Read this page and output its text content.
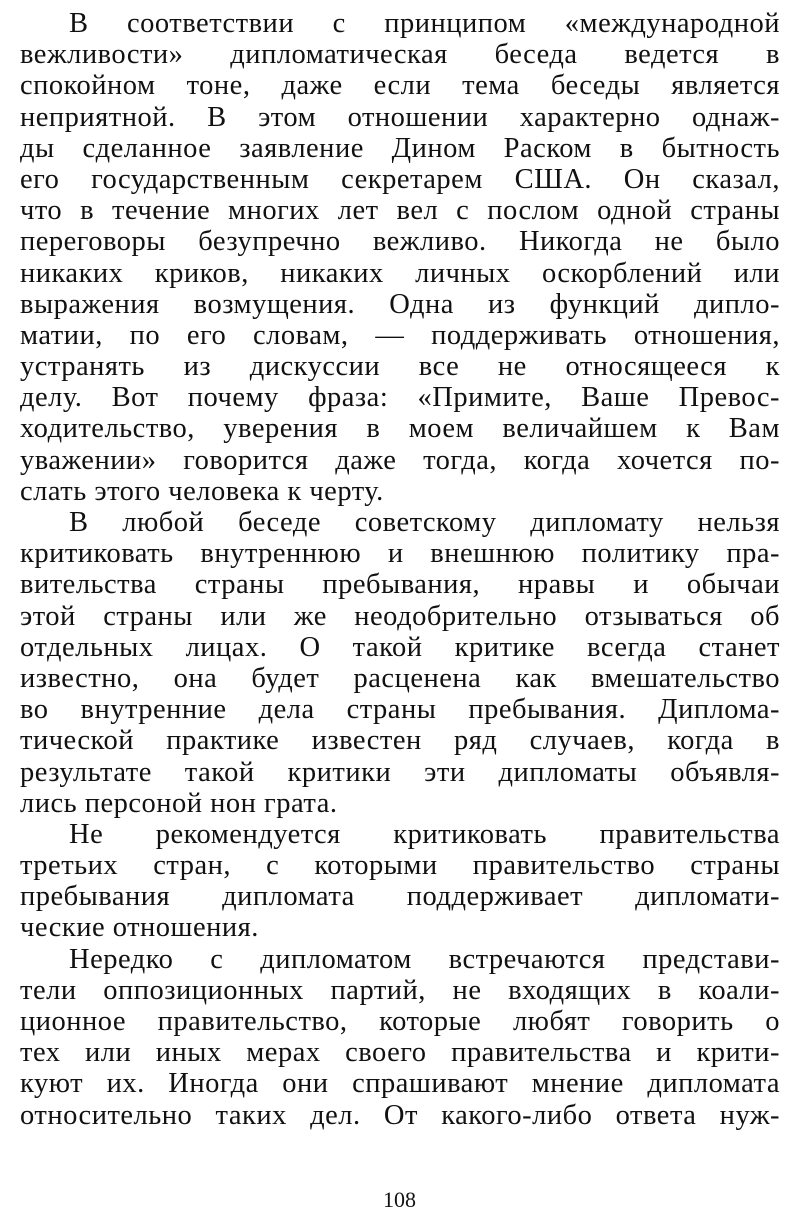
В соответствии с принципом «международной
вежливости» дипломатическая беседа ведется в
спокойном тоне, даже если тема беседы является
неприятной. В этом отношении характерно однаж-
ды сделанное заявление Дином Раском в бытность
его государственным секретарем США. Он сказал,
что в течение многих лет вел с послом одной страны
переговоры безупречно вежливо. Никогда не было
никаких криков, никаких личных оскорблений или
выражения возмущения. Одна из функций дипло-
матии, по его словам, — поддерживать отношения,
устранять из дискуссии все не относящееся к
делу. Вот почему фраза: «Примите, Ваше Превос-
ходительство, уверения в моем величайшем к Вам
уважении» говорится даже тогда, когда хочется по-
слать этого человека к черту.
В любой беседе советскому дипломату нельзя
критиковать внутреннюю и внешнюю политику пра-
вительства страны пребывания, нравы и обычаи
этой страны или же неодобрительно отзываться об
отдельных лицах. О такой критике всегда станет
известно, она будет расценена как вмешательство
во внутренние дела страны пребывания. Диплома-
тической практике известен ряд случаев, когда в
результате такой критики эти дипломаты объявля-
лись персоной нон грата.
Не рекомендуется критиковать правительства
третьих стран, с которыми правительство страны
пребывания дипломата поддерживает дипломати-
ческие отношения.
Нередко с дипломатом встречаются представи-
тели оппозиционных партий, не входящих в коали-
ционное правительство, которые любят говорить о
тех или иных мерах своего правительства и крити-
куют их. Иногда они спрашивают мнение дипломата
относительно таких дел. От какого-либо ответа нуж-
108
